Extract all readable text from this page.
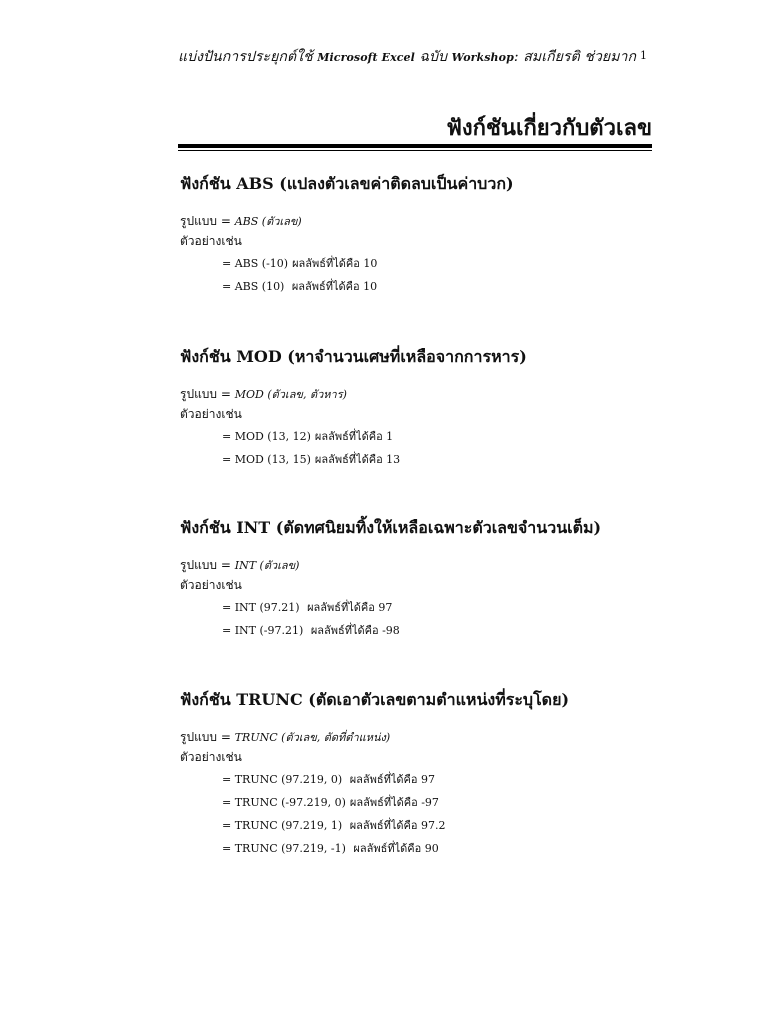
แบ่งปันการประยุกต์ใช้ Microsoft Excel ฉบับ Workshop: สมเกียรติ ช่วยมาก 1
ฟังก์ชันเกี่ยวกับตัวเลข
ฟังก์ชัน ABS (แปลงตัวเลขค่าติดลบเป็นค่าบวก)
รูปแบบ = ABS (ตัวเลข)
ตัวอย่างเช่น
= ABS (-10) ผลลัพธ์ที่ได้คือ 10
= ABS (10) ผลลัพธ์ที่ได้คือ 10
ฟังก์ชัน MOD (หาจำนวนเศษที่เหลือจากการหาร)
รูปแบบ = MOD (ตัวเลข, ตัวหาร)
ตัวอย่างเช่น
= MOD (13, 12) ผลลัพธ์ที่ได้คือ 1
= MOD (13, 15) ผลลัพธ์ที่ได้คือ 13
ฟังก์ชัน INT (ตัดทศนิยมทิ้งให้เหลือเฉพาะตัวเลขจำนวนเต็ม)
รูปแบบ = INT (ตัวเลข)
ตัวอย่างเช่น
= INT (97.21) ผลลัพธ์ที่ได้คือ 97
= INT (-97.21) ผลลัพธ์ที่ได้คือ -98
ฟังก์ชัน TRUNC (ตัดเอาตัวเลขตามตำแหน่งที่ระบุโดย)
รูปแบบ = TRUNC (ตัวเลข, ตัดที่ตำแหน่ง)
ตัวอย่างเช่น
= TRUNC (97.219, 0) ผลลัพธ์ที่ได้คือ 97
= TRUNC (-97.219, 0) ผลลัพธ์ที่ได้คือ -97
= TRUNC (97.219, 1) ผลลัพธ์ที่ได้คือ 97.2
= TRUNC (97.219, -1) ผลลัพธ์ที่ได้คือ 90
